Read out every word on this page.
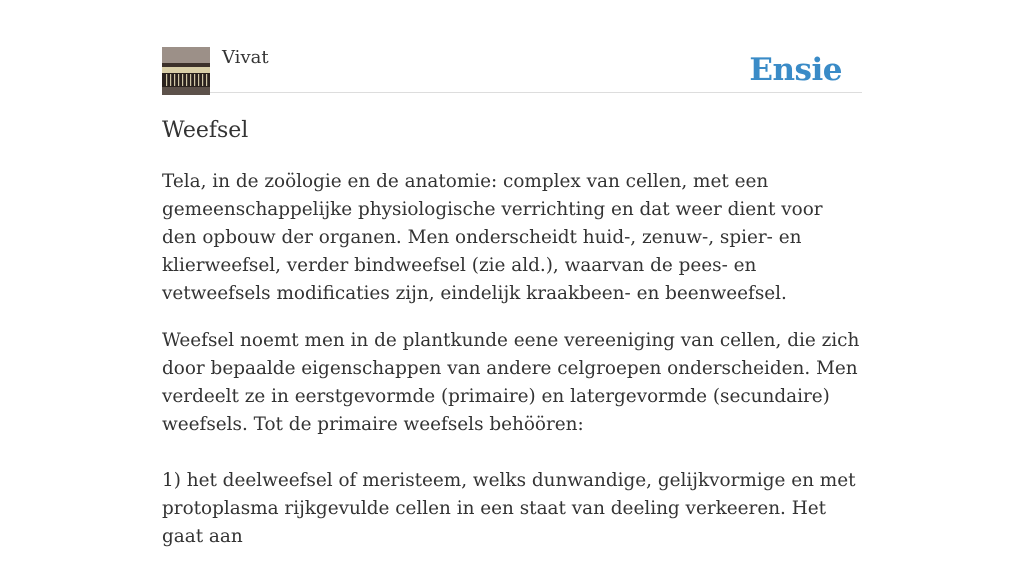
Vivat	Ensie
Weefsel

Tela, in de zoölogie en de anatomie: complex van cellen, met een gemeenschappelijke physiologische verrichting en dat weer dient voor den opbouw der organen. Men onderscheidt huid-, zenuw-, spier- en klierweefsel, verder bindweefsel (zie ald.), waarvan de pees- en vetweefsels modificaties zijn, eindelijk kraakbeen- en beenweefsel.

Weefsel noemt men in de plantkunde eene vereeniging van cellen, die zich door bepaalde eigenschappen van andere celgroepen onderscheiden. Men verdeelt ze in eerstgevormde (primaire) en latergevormde (secundaire) weefsels. Tot de primaire weefsels behöören:

1) het deelweefsel of meristeem, welks dunwandige, gelijkvormige en met protoplasma rijkgevulde cellen in een staat van deeling verkeeren. Het gaat aan
